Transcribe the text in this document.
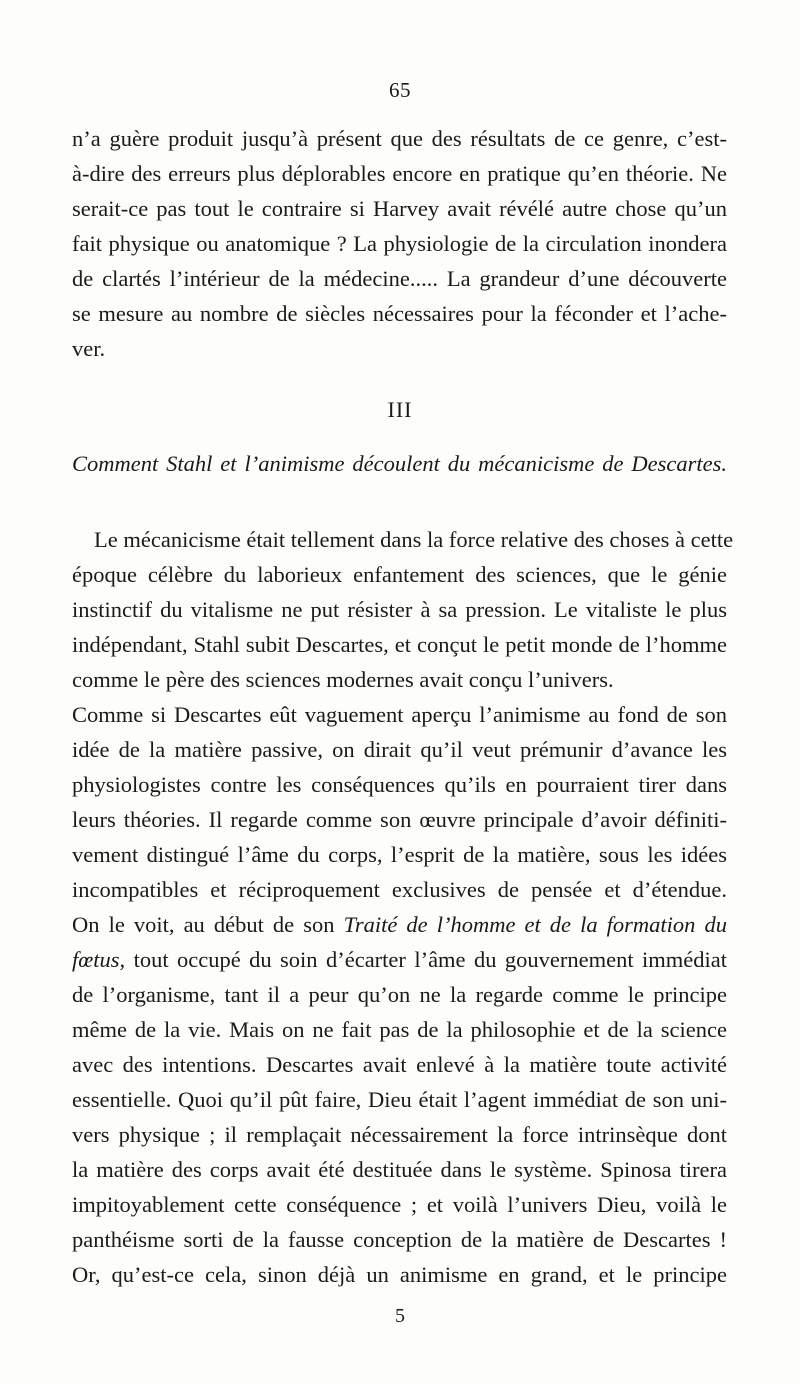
65
n’a guère produit jusqu’à présent que des résultats de ce genre, c’est-
à-dire des erreurs plus déplorables encore en pratique qu’en théorie. Ne
serait-ce pas tout le contraire si Harvey avait révélé autre chose qu’un
fait physique ou anatomique ? La physiologie de la circulation inondera
de clartés l’intérieur de la médecine..... La grandeur d’une découverte
se mesure au nombre de siècles nécessaires pour la féconder et l’ache-
ver.
III
Comment Stahl et l’animisme découlent du mécanicisme de Descartes.
Le mécanicisme était tellement dans la force relative des choses à cette
époque célèbre du laborieux enfantement des sciences, que le génie
instinctif du vitalisme ne put résister à sa pression. Le vitaliste le plus
indépendant, Stahl subit Descartes, et conçut le petit monde de l’homme
comme le père des sciences modernes avait conçu l’univers.
Comme si Descartes eût vaguement aperçu l’animisme au fond de son
idée de la matière passive, on dirait qu’il veut prémunir d’avance les
physiologistes contre les conséquences qu’ils en pourraient tirer dans
leurs théories. Il regarde comme son œuvre principale d’avoir définiti-
vement distingué l’âme du corps, l’esprit de la matière, sous les idées
incompatibles et réciproquement exclusives de pensée et d’étendue.
On le voit, au début de son Traité de l’homme et de la formation du
fœtus, tout occupé du soin d’écarter l’âme du gouvernement immédiat
de l’organisme, tant il a peur qu’on ne la regarde comme le principe
même de la vie. Mais on ne fait pas de la philosophie et de la science
avec des intentions. Descartes avait enlevé à la matière toute activité
essentielle. Quoi qu’il pût faire, Dieu était l’agent immédiat de son uni-
vers physique ; il remplaçait nécessairement la force intrinsèque dont
la matière des corps avait été destituée dans le système. Spinosa tirera
impitoyablement cette conséquence ; et voilà l’univers Dieu, voilà le
panthéisme sorti de la fausse conception de la matière de Descartes !
Or, qu’est-ce cela, sinon déjà un animisme en grand, et le principe
5
